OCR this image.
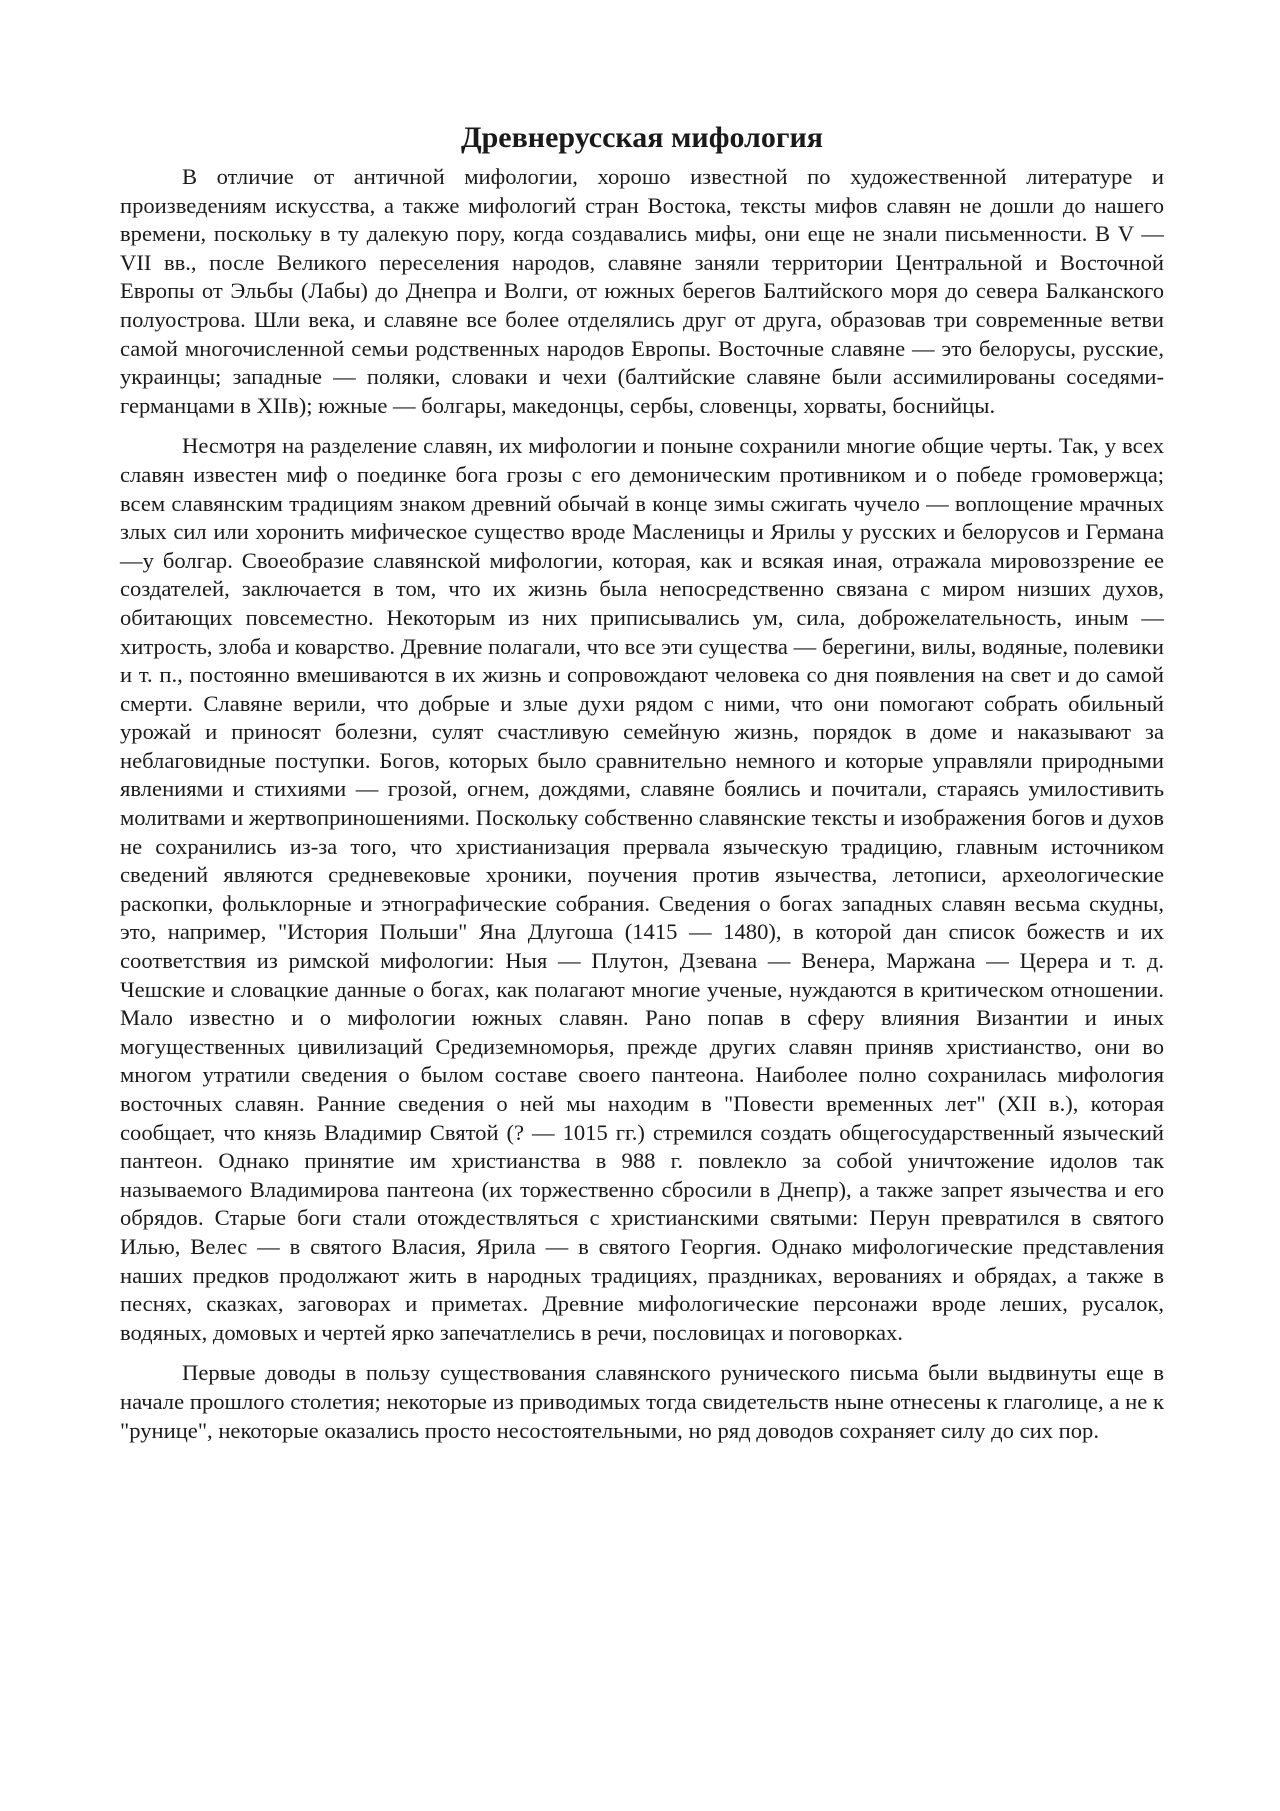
Древнерусская мифология

В отличие от античной мифологии, хорошо известной по художественной литературе и произведениям искусства, а также мифологий стран Востока, тексты мифов славян не дошли до нашего времени, поскольку в ту далекую пору, когда создавались мифы, они еще не знали письменности. В V — VII вв., после Великого переселения народов, славяне заняли территории Центральной и Восточной Европы от Эльбы (Лабы) до Днепра и Волги, от южных берегов Балтийского моря до севера Балканского полуострова. Шли века, и славяне все более отделялись друг от друга, образовав три современные ветви самой многочисленной семьи родственных народов Европы. Восточные славяне — это белорусы, русские, украинцы; западные — поляки, словаки и чехи (балтийские славяне были ассимилированы соседями-германцами в XIIв); южные — болгары, македонцы, сербы, словенцы, хорваты, боснийцы.

Несмотря на разделение славян, их мифологии и поныне сохранили многие общие черты. Так, у всех славян известен миф о поединке бога грозы с его демоническим противником и о победе громовержца; всем славянским традициям знаком древний обычай в конце зимы сжигать чучело — воплощение мрачных злых сил или хоронить мифическое существо вроде Масленицы и Ярилы у русских и белорусов и Германа—у болгар. Своеобразие славянской мифологии, которая, как и всякая иная, отражала мировоззрение ее создателей, заключается в том, что их жизнь была непосредственно связана с миром низших духов, обитающих повсеместно. Некоторым из них приписывались ум, сила, доброжелательность, иным — хитрость, злоба и коварство. Древние полагали, что все эти существа — берегини, вилы, водяные, полевики и т. п., постоянно вмешиваются в их жизнь и сопровождают человека со дня появления на свет и до самой смерти. Славяне верили, что добрые и злые духи рядом с ними, что они помогают собрать обильный урожай и приносят болезни, сулят счастливую семейную жизнь, порядок в доме и наказывают за неблаговидные поступки. Богов, которых было сравнительно немного и которые управляли природными явлениями и стихиями — грозой, огнем, дождями, славяне боялись и почитали, стараясь умилостивить молитвами и жертвоприношениями. Поскольку собственно славянские тексты и изображения богов и духов не сохранились из-за того, что христианизация прервала языческую традицию, главным источником сведений являются средневековые хроники, поучения против язычества, летописи, археологические раскопки, фольклорные и этнографические собрания. Сведения о богах западных славян весьма скудны, это, например, "История Польши" Яна Длугоша (1415 — 1480), в которой дан список божеств и их соответствия из римской мифологии: Ныя — Плутон, Дзевана — Венера, Маржана — Церера и т. д. Чешские и словацкие данные о богах, как полагают многие ученые, нуждаются в критическом отношении. Мало известно и о мифологии южных славян. Рано попав в сферу влияния Византии и иных могущественных цивилизаций Средиземноморья, прежде других славян приняв христианство, они во многом утратили сведения о былом составе своего пантеона. Наиболее полно сохранилась мифология восточных славян. Ранние сведения о ней мы находим в "Повести временных лет" (XII в.), которая сообщает, что князь Владимир Святой (? — 1015 гг.) стремился создать общегосударственный языческий пантеон. Однако принятие им христианства в 988 г. повлекло за собой уничтожение идолов так называемого Владимирова пантеона (их торжественно сбросили в Днепр), а также запрет язычества и его обрядов. Старые боги стали отождествляться с христианскими святыми: Перун превратился в святого Илью, Велес — в святого Власия, Ярила — в святого Георгия. Однако мифологические представления наших предков продолжают жить в народных традициях, праздниках, верованиях и обрядах, а также в песнях, сказках, заговорах и приметах. Древние мифологические персонажи вроде леших, русалок, водяных, домовых и чертей ярко запечатлелись в речи, пословицах и поговорках.

Первые доводы в пользу существования славянского рунического письма были выдвинуты еще в начале прошлого столетия; некоторые из приводимых тогда свидетельств ныне отнесены к глаголице, а не к "рунице", некоторые оказались просто несостоятельными, но ряд доводов сохраняет силу до сих пор.
